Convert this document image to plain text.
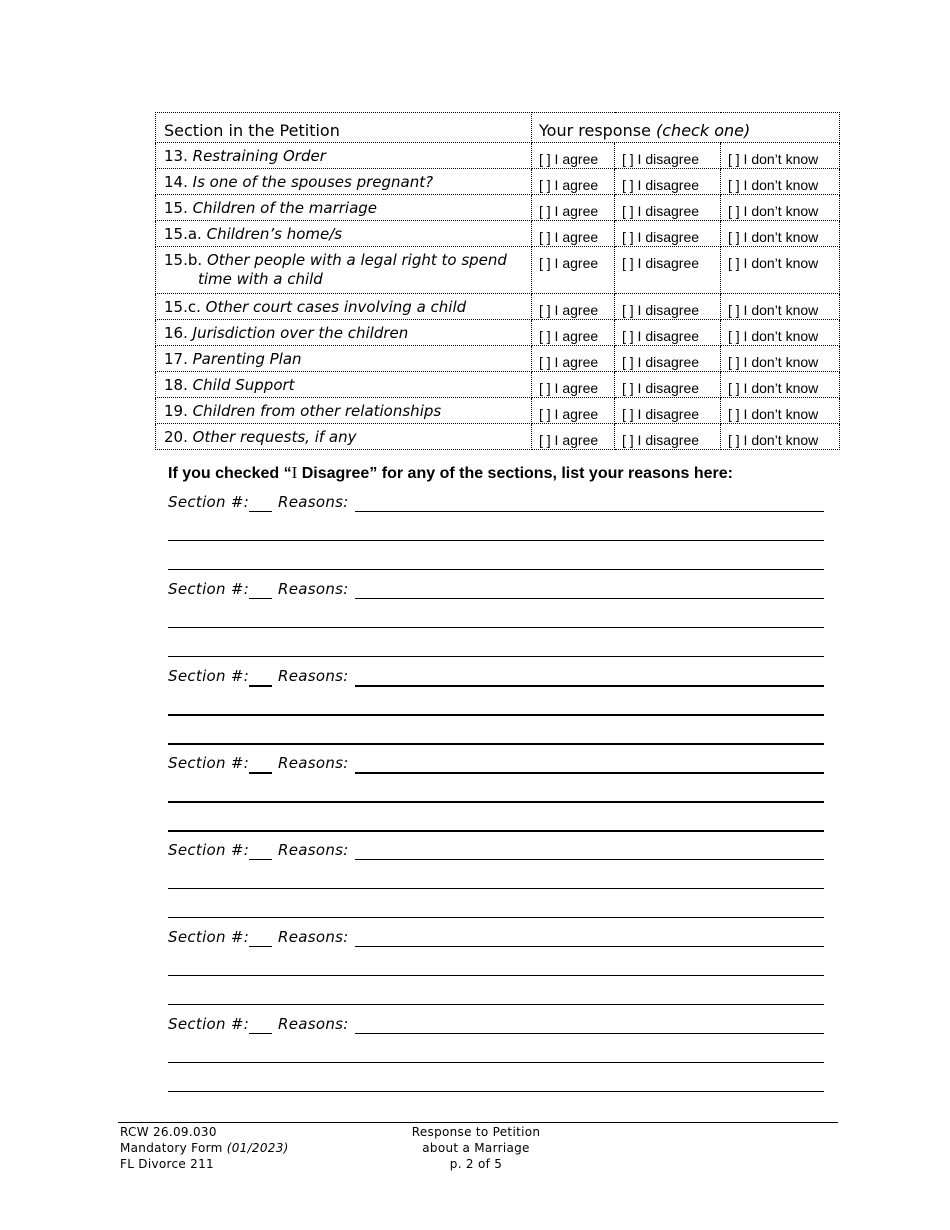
Section in the Petition	Your response (check one)		
13. Restraining Order	[ ] I agree	[ ] I disagree	[ ] I don’t know
14. Is one of the spouses pregnant?	[ ] I agree	[ ] I disagree	[ ] I don’t know
15. Children of the marriage	[ ] I agree	[ ] I disagree	[ ] I don’t know
15.a. Children’s home/s	[ ] I agree	[ ] I disagree	[ ] I don’t know

15.b. Other people with a legal right to spend time with a child	[ ] I agree	[ ] I disagree	[ ] I don’t know
15.c. Other court cases involving a child	[ ] I agree	[ ] I disagree	[ ] I don’t know
16. Jurisdiction over the children	[ ] I agree	[ ] I disagree	[ ] I don’t know
17. Parenting Plan	[ ] I agree	[ ] I disagree	[ ] I don’t know
18. Child Support	[ ] I agree	[ ] I disagree	[ ] I don’t know
19. Children from other relationships	[ ] I agree	[ ] I disagree	[ ] I don’t know
20. Other requests, if any	[ ] I agree	[ ] I disagree	[ ] I don’t know
If you checked “I Disagree” for any of the sections, list your reasons here:
Section #: Reasons:
Section #: Reasons:
Section #: Reasons:
Section #: Reasons:
Section #: Reasons:
Section #: Reasons:
Section #: Reasons:
RCW 26.09.030
Mandatory Form (01/2023)
FL Divorce 211
Response to Petition
about a Marriage
p. 2 of 5
